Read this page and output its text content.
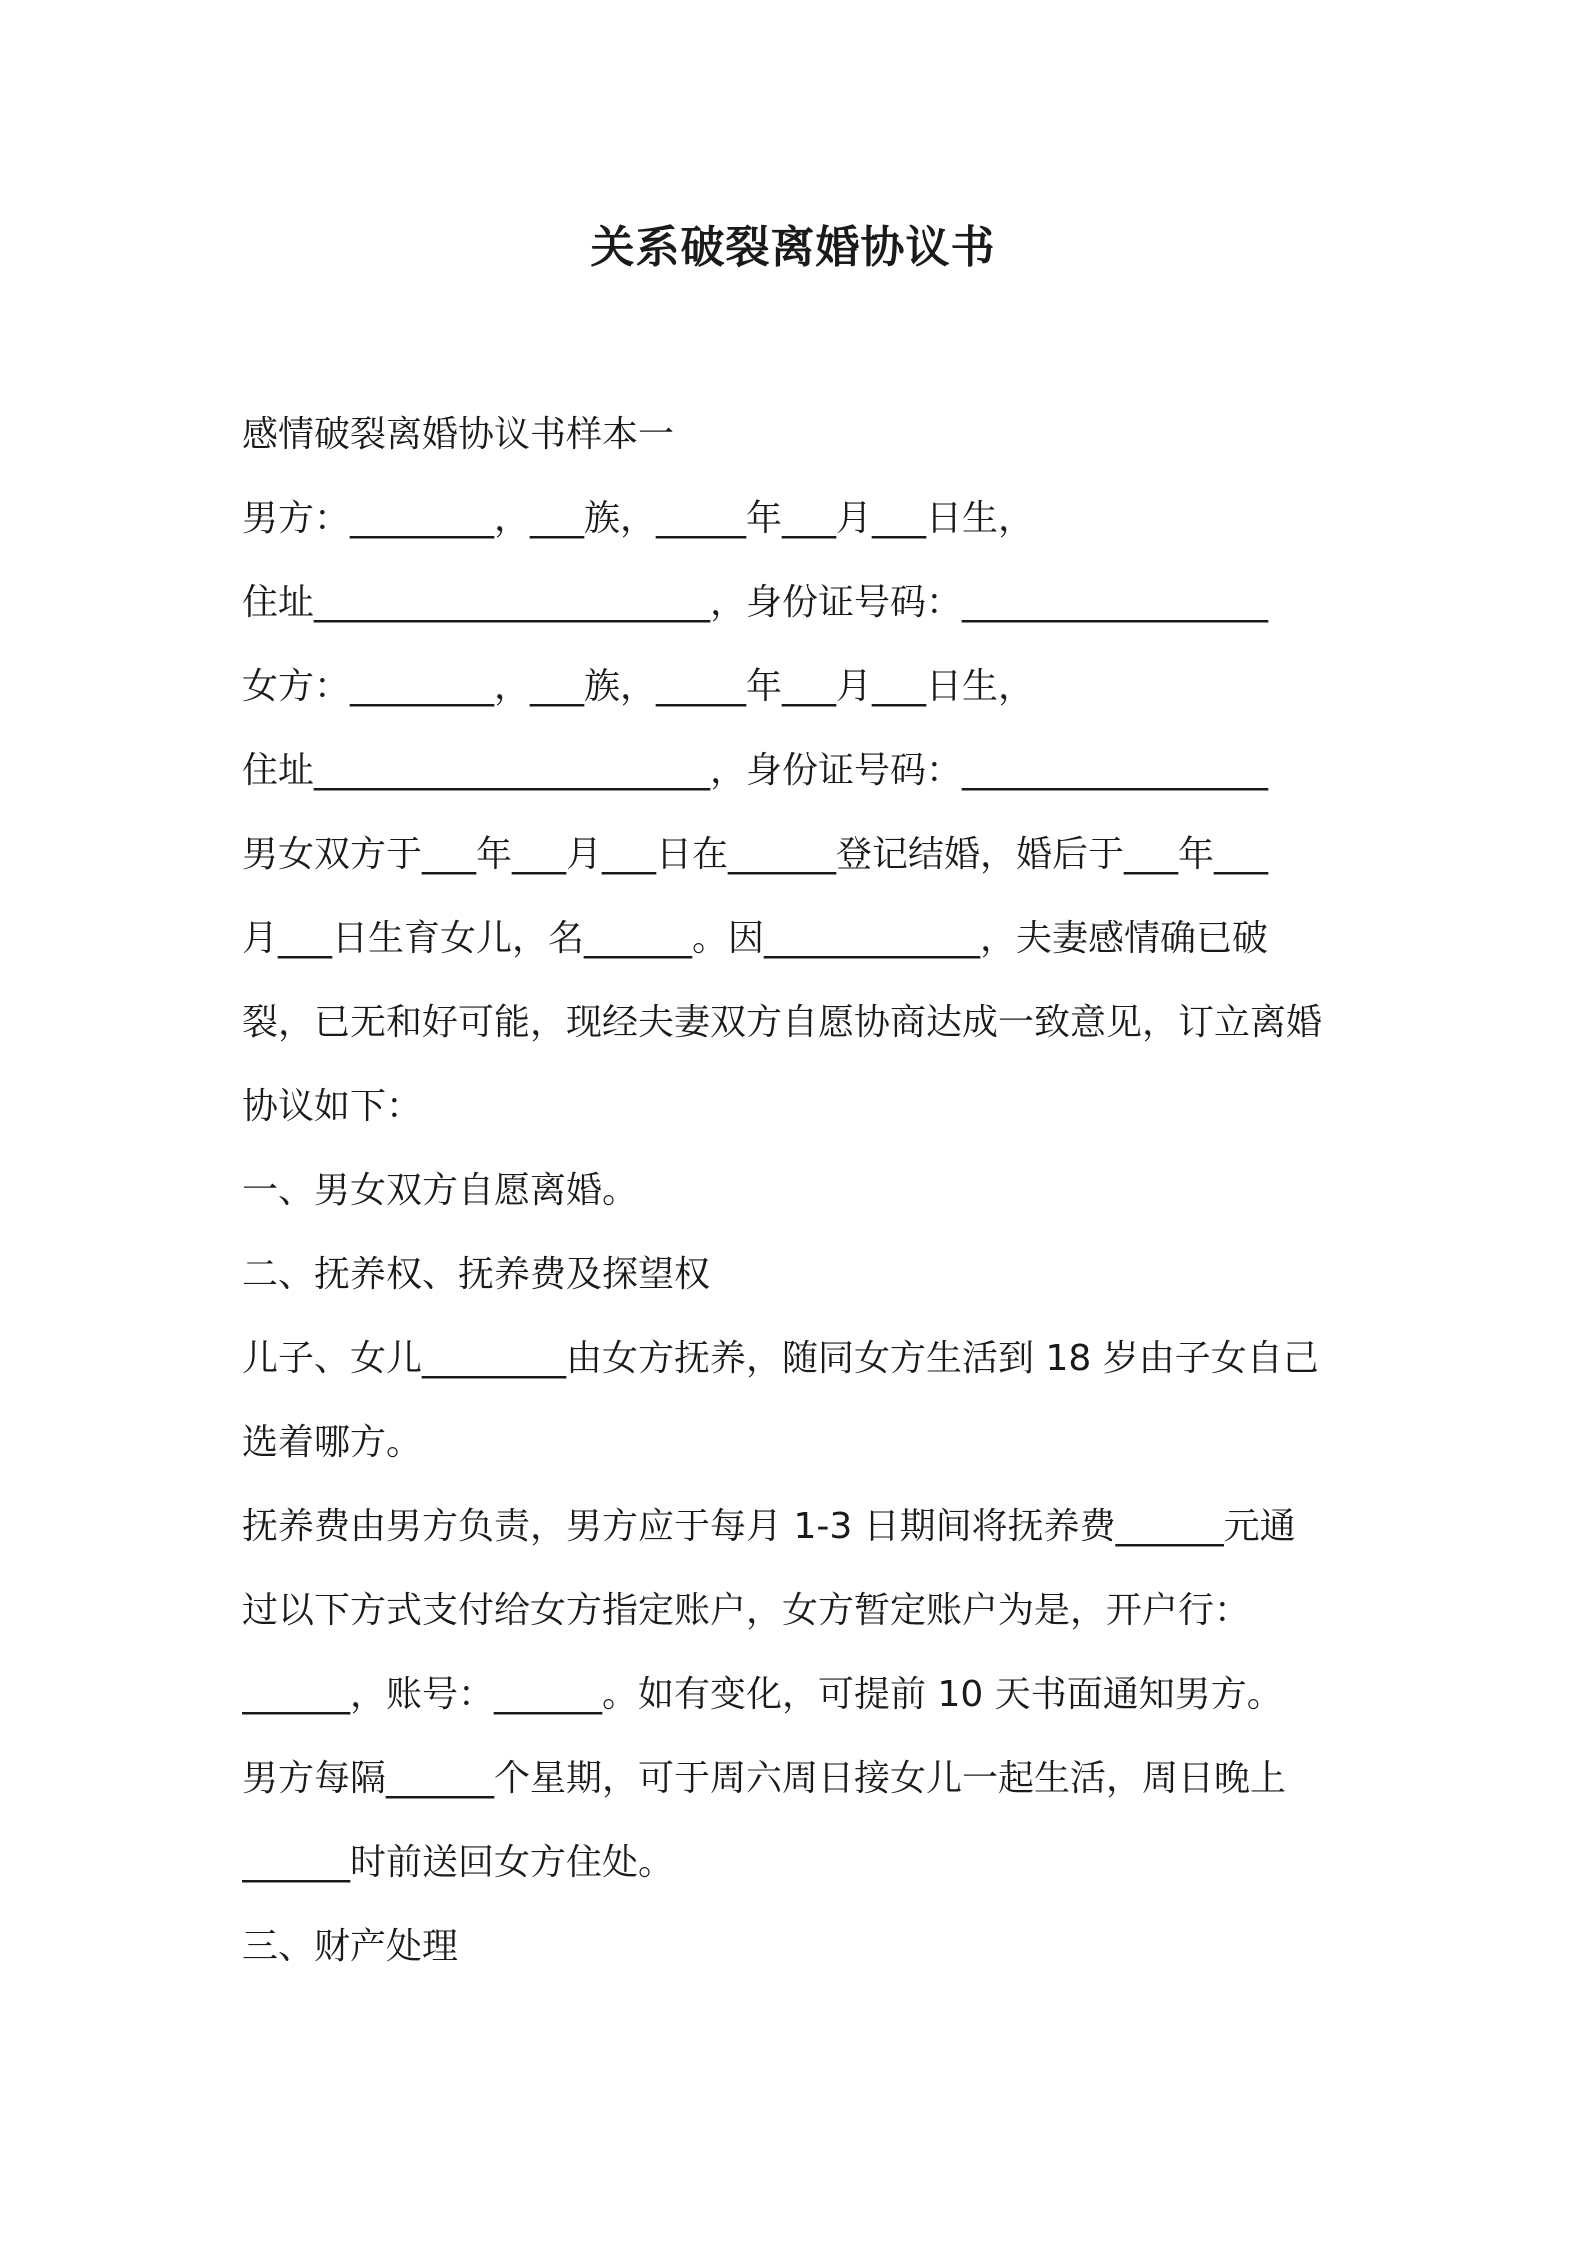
关系破裂离婚协议书
感情破裂离婚协议书样本一
男方：________，___族，_____年___月___日生，
住址______________________，身份证号码：_________________
女方：________，___族，_____年___月___日生，
住址______________________，身份证号码：_________________
男女双方于___年___月___日在______登记结婚，婚后于___年___
月___日生育女儿，名______。因____________，夫妻感情确已破
裂，已无和好可能，现经夫妻双方自愿协商达成一致意见，订立离婚
协议如下：
一、男女双方自愿离婚。
二、抚养权、抚养费及探望权
儿子、女儿________由女方抚养，随同女方生活到 18 岁由子女自己
选着哪方。
抚养费由男方负责，男方应于每月 1-3 日期间将抚养费______元通
过以下方式支付给女方指定账户，女方暂定账户为是，开户行：
______，账号：______。如有变化，可提前 10 天书面通知男方。
男方每隔______个星期，可于周六周日接女儿一起生活，周日晚上
______时前送回女方住处。
三、财产处理
